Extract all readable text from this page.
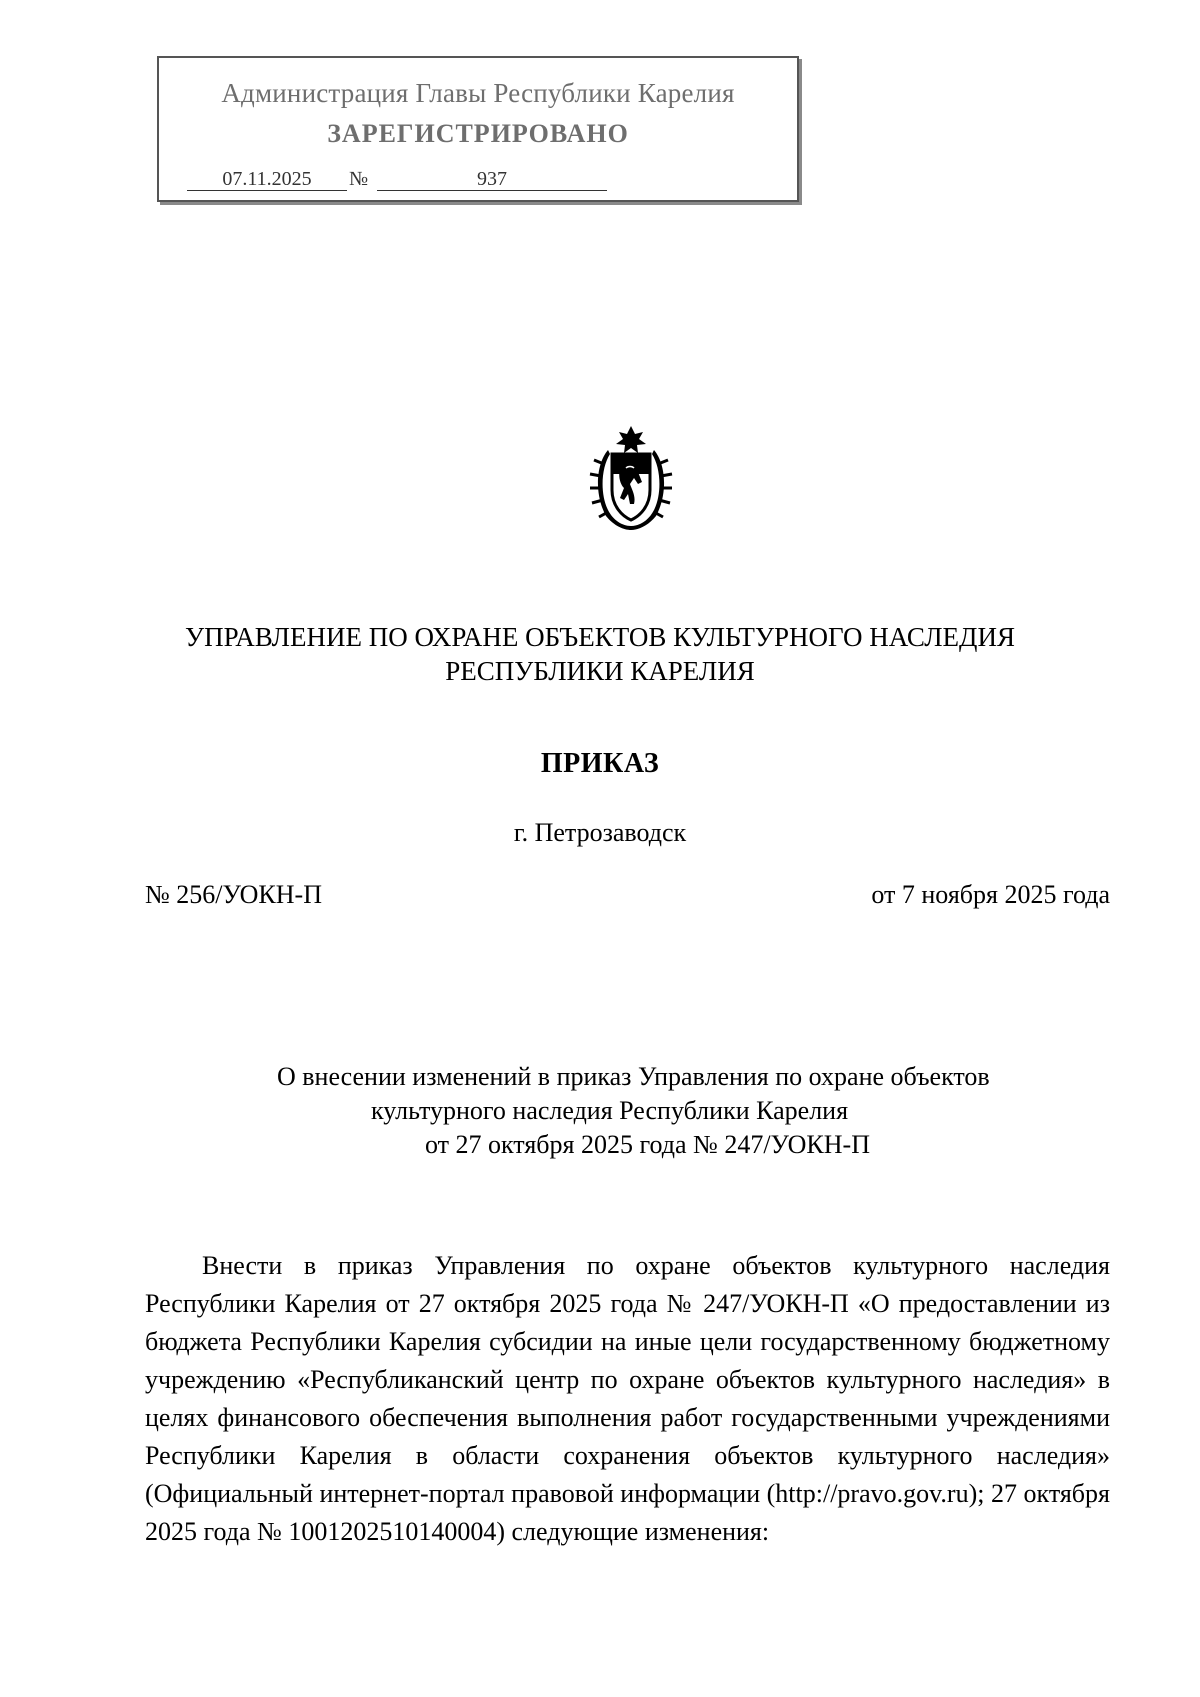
Администрация Главы Республики Карелия
ЗАРЕГИСТРИРОВАНО
07.11.2025	№	937
УПРАВЛЕНИЕ ПО ОХРАНЕ ОБЪЕКТОВ КУЛЬТУРНОГО НАСЛЕДИЯ
РЕСПУБЛИКИ КАРЕЛИЯ
ПРИКАЗ
г. Петрозаводск
№ 256/УОКН-П	от 7 ноября 2025 года
О внесении изменений в приказ Управления по охране объектов
культурного наследия Республики Карелия
от 27 октября 2025 года № 247/УОКН-П

Внести в приказ Управления по охране объектов культурного наследия Республики Карелия от 27 октября 2025 года № 247/УОКН-П «О предоставлении из бюджета Республики Карелия субсидии на иные цели государственному бюджетному учреждению «Республиканский центр по охране объектов культурного наследия» в целях финансового обеспечения выполнения работ государственными учреждениями Республики Карелия в области сохранения объектов культурного наследия» (Официальный интернет-портал правовой информации (http://pravo.gov.ru); 27 октября 2025 года № 1001202510140004) следующие изменения:
